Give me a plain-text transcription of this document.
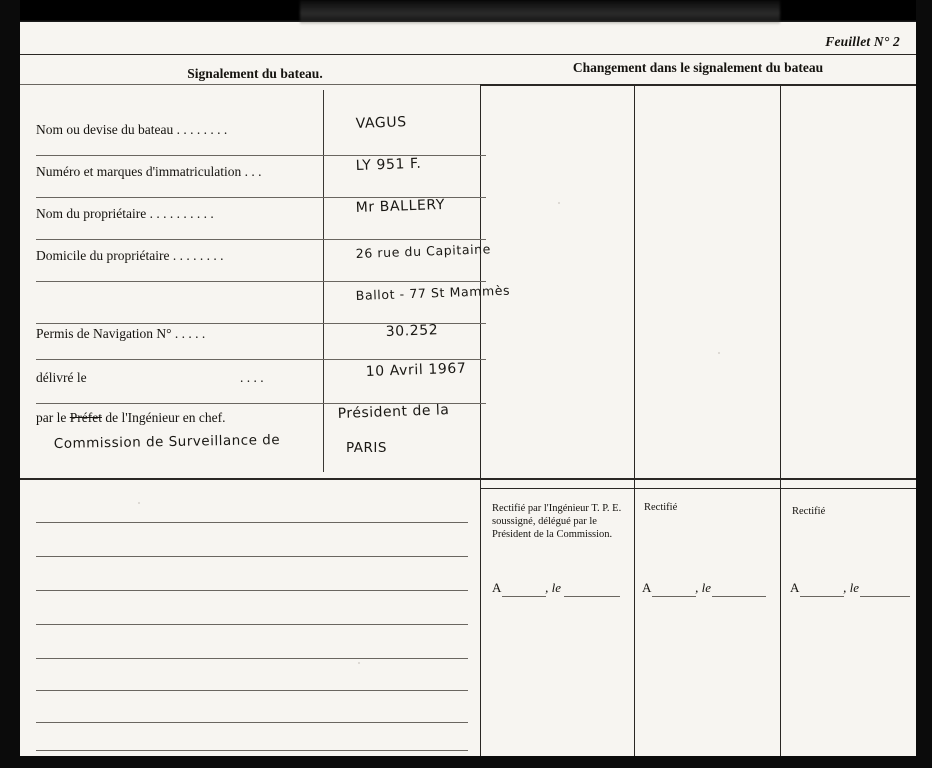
Feuillet N° 2
Signalement du bateau.	Changement dans le signalement du bateau
Nom ou devise du bateau . . . . . . . .	VAGUS
Numéro et marques d'immatriculation . . .	LY 951 F.
Nom du propriétaire . . . . . . . . . .	Mr BALLERY
Domicile du propriétaire . . . . . . . .	26 rue du Capitaine
Ballot - 77 St Mammès
Permis de Navigation N° . . . . .	30.252
délivré le	. . . .	10 Avril 1967
par le Préfet de l'Ingénieur en chef.	Président de la
Commission de Surveillance de	PARIS
Rectifié par l'Ingénieur T. P. E. soussigné, délégué par le Président de la Commission.
Rectifié	Rectifié
A	, le	A	, le	A	, le
